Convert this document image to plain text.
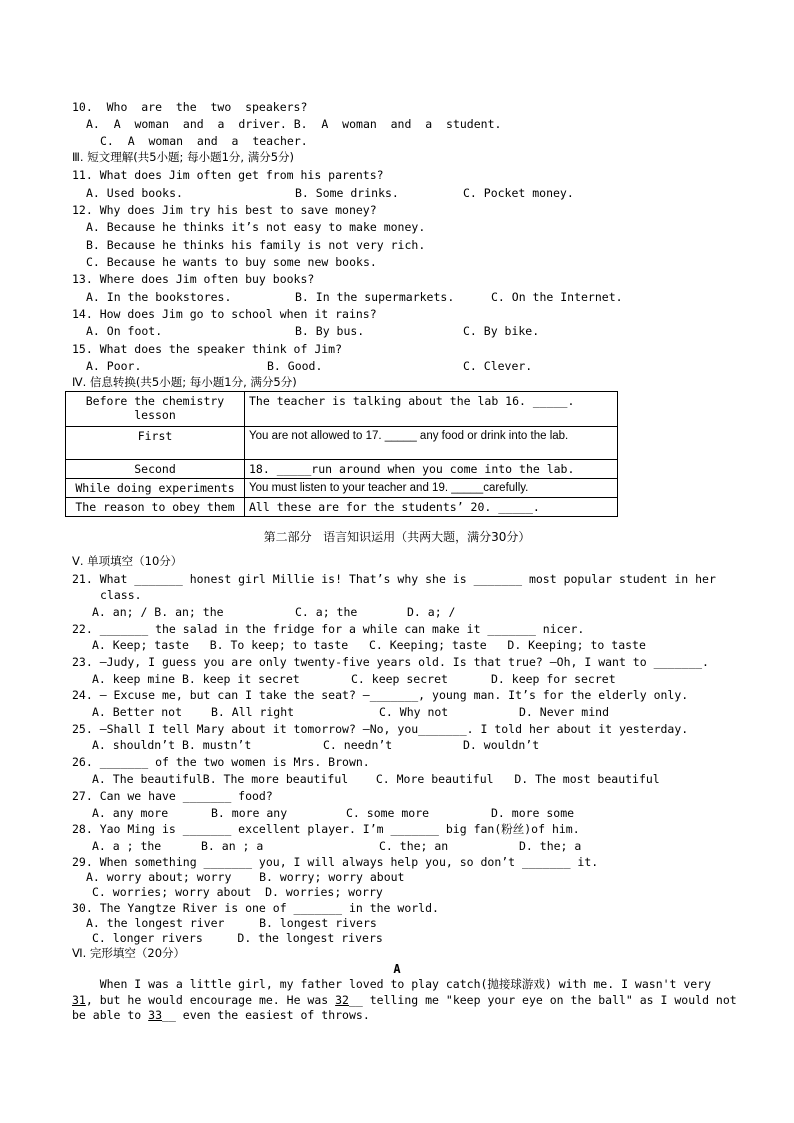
10.  Who  are  the  two  speakers?
A.  A  woman  and  a  driver. B.  A  woman  and  a  student.
C.  A  woman  and  a  teacher.
Ⅲ. 短文理解(共5小题; 每小题1分, 满分5分)
11. What does Jim often get from his parents?
A. Used books.	B. Some drinks.	C. Pocket money.
12. Why does Jim try his best to save money?
A. Because he thinks it’s not easy to make money.
B. Because he thinks his family is not very rich.
C. Because he wants to buy some new books.
13. Where does Jim often buy books?
A. In the bookstores.	B. In the supermarkets.	C. On the Internet.
14. How does Jim go to school when it rains?
A. On foot.	B. By bus.	C. By bike.
15. What does the speaker think of Jim?
A. Poor.	B. Good.	C. Clever.
Ⅳ. 信息转换(共5小题; 每小题1分, 满分5分)
Before the chemistry lesson	The teacher is talking about the lab 16. _____.
First	You are not allowed to 17. _____ any food or drink into the lab.
Second	18. _____run around when you come into the lab.
While doing experiments	You must listen to your teacher and 19. _____carefully.
The reason to obey them	All these are for the students’ 20. _____.
第二部分   语言知识运用（共两大题，满分30分）
Ⅴ. 单项填空（10分）
21. What _______ honest girl Millie is! That’s why she is _______ most popular student in her
class.
A. an; / B. an; the	C. a; the	D. a; /
22. _______ the salad in the fridge for a while can make it _______ nicer.
A. Keep; taste   B. To keep; to taste   C. Keeping; taste   D. Keeping; to taste
23. —Judy, I guess you are only twenty-five years old. Is that true? —Oh, I want to _______.
A. keep mine B. keep it secret	C. keep secret	D. keep for secret
24. — Excuse me, but can I take the seat? —_______, young man. It’s for the elderly only.
A. Better not	B. All right	C. Why not	D. Never mind
25. —Shall I tell Mary about it tomorrow? —No, you_______. I told her about it yesterday.
A. shouldn’t B. mustn’t	C. needn’t	D. wouldn’t
26. _______ of the two women is Mrs. Brown.
A. The beautifulB. The more beautiful    C. More beautiful   D. The most beautiful
27. Can we have _______ food?
A. any more	B. more any	C. some more	D. more some
28. Yao Ming is _______ excellent player. I’m _______ big fan(粉丝)of him.
A. a ; the	B. an ; a	C. the; an	D. the; a
29. When something _______ you, I will always help you, so don’t _______ it.
A. worry about; worry    B. worry; worry about
C. worries; worry about  D. worries; worry
30. The Yangtze River is one of _______ in the world.
A. the longest river     B. longest rivers
C. longer rivers     D. the longest rivers
Ⅵ. 完形填空（20分）
A
When I was a little girl, my father loved to play catch(抛接球游戏) with me. I wasn't very
31, but he would encourage me. He was 32__ telling me "keep your eye on the ball" as I would not
be able to 33__ even the easiest of throws.
